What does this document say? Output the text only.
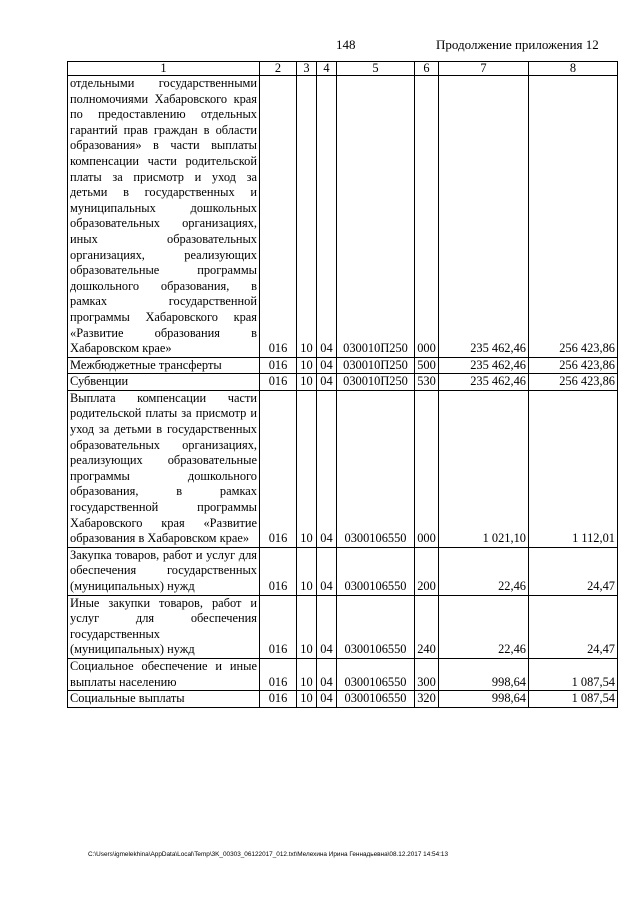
148	Продолжение приложения 12
1	2	3	4	5	6	7	8
отдельными государственными полномочиями Хабаровского края по предоставлению отдельных гарантий прав граждан в области образования» в части выплаты компенсации части родительской платы за присмотр и уход за детьми в государственных и муниципальных дошкольных образовательных организациях, иных образовательных организациях, реализующих образовательные программы дошкольного образования, в рамках государственной программы Хабаровского края «Развитие образования в Хабаровском крае»	016	10	04	030010П250	000	235 462,46	256 423,86
Межбюджетные трансферты	016	10	04	030010П250	500	235 462,46	256 423,86
Субвенции	016	10	04	030010П250	530	235 462,46	256 423,86
Выплата компенсации части родительской платы за присмотр и уход за детьми в государственных образовательных организациях, реализующих образовательные программы дошкольного образования, в рамках государственной программы Хабаровского края «Развитие образования в Хабаровском крае»	016	10	04	0300106550	000	1 021,10	1 112,01
Закупка товаров, работ и услуг для обеспечения государственных (муниципальных) нужд	016	10	04	0300106550	200	22,46	24,47
Иные закупки товаров, работ и услуг для обеспечения государственных (муниципальных) нужд	016	10	04	0300106550	240	22,46	24,47
Социальное обеспечение и иные выплаты населению	016	10	04	0300106550	300	998,64	1 087,54
Социальные выплаты	016	10	04	0300106550	320	998,64	1 087,54
C:\Users\igmelekhina\AppData\Local\Temp\3K_00303_06122017_012.txt\Мелехина Ирина Геннадьевна\08.12.2017 14:54:13
